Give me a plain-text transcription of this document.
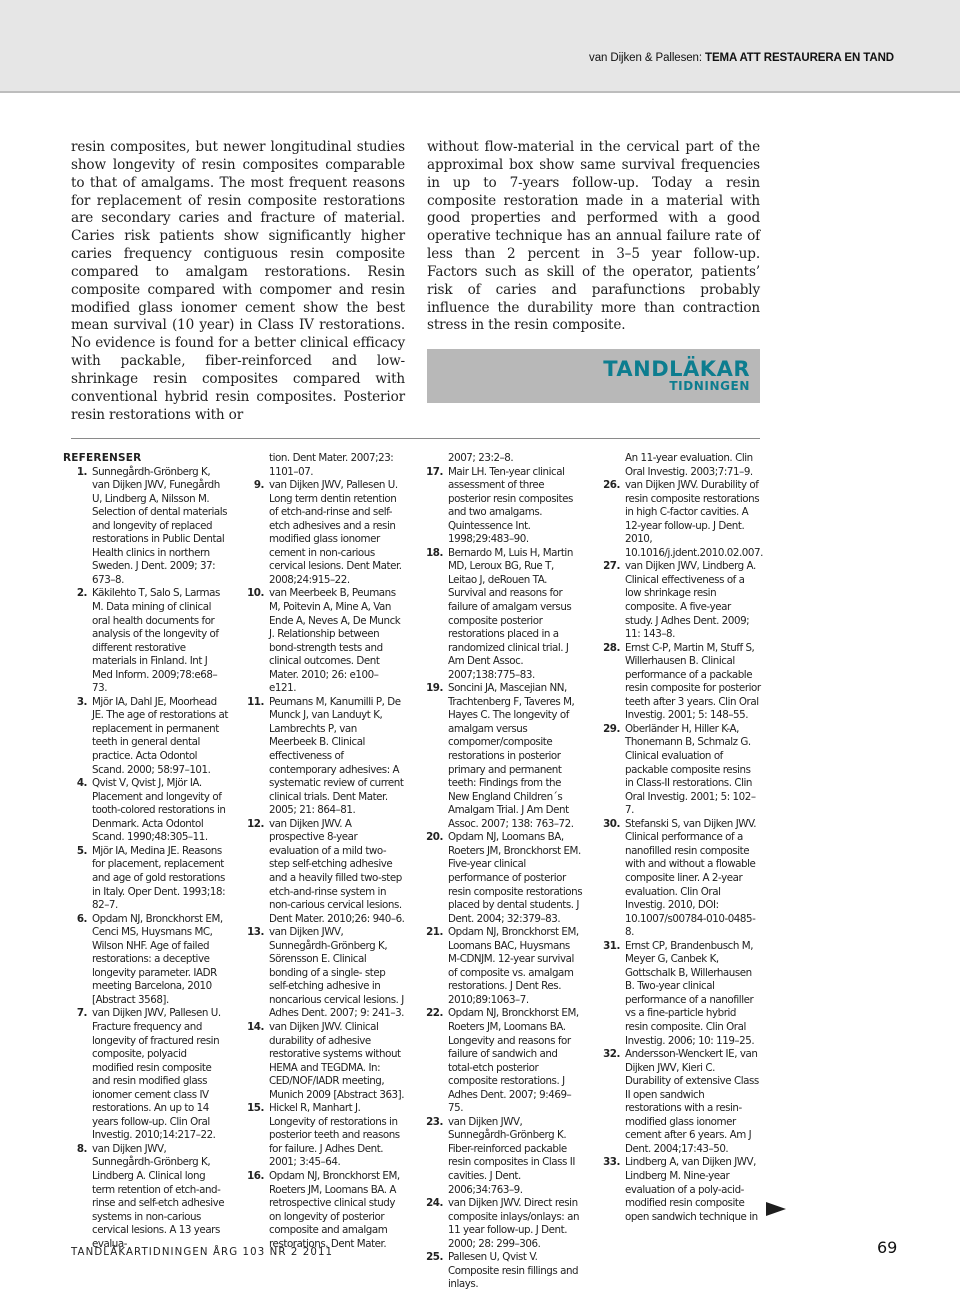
van Dijken & Pallesen: TEMA ATT RESTAURERA EN TAND

resin composites, but newer longitudinal studies show longevity of resin composites comparable to that of amalgams. The most frequent reasons for replacement of resin composite restorations are secondary caries and fracture of material. Caries risk patients show significantly higher caries frequency contiguous resin composite compared to amalgam restorations. Resin composite compared with compomer and resin modified glass ionomer cement show the best mean survival (10 year) in Class IV restorations. No evidence is found for a better clinical efficacy with packable, fiber-reinforced and low-shrinkage resin composites compared with conventional hybrid resin composites. Posterior resin restorations with or

without flow-material in the cervical part of the approximal box show same survival frequencies in up to 7-years follow-up. Today a resin composite restoration made in a material with good properties and performed with a good operative technique has an annual failure rate of less than 2 percent in 3–5 year follow-up. Factors such as skill of the operator, patients’ risk of caries and parafunctions probably influence the durability more than contraction stress in the resin composite.

TANDLÄKAR
TIDNINGEN
REFERENSER
1. Sunnegårdh-Grönberg K, van Dijken JWV, Funegårdh U, Lindberg A, Nilsson M. Selection of dental materials and longevity of replaced restorations in Public Dental Health clinics in northern Sweden. J Dent. 2009; 37: 673–8.
2. Käkilehto T, Salo S, Larmas M. Data mining of clinical oral health documents for analysis of the longevity of different restorative materials in Finland. Int J Med Inform. 2009;78:e68–73.
3. Mjör IA, Dahl JE, Moorhead JE. The age of restorations at replacement in permanent teeth in general dental practice. Acta Odontol Scand. 2000; 58:97–101.
4. Qvist V, Qvist J, Mjör IA. Placement and longevity of tooth-colored restorations in Denmark. Acta Odontol Scand. 1990;48:305–11.
5. Mjör IA, Medina JE. Reasons for placement, replacement and age of gold restorations in Italy. Oper Dent. 1993;18: 82–7.
6. Opdam NJ, Bronckhorst EM, Cenci MS, Huysmans MC, Wilson NHF. Age of failed restorations: a deceptive longevity parameter. IADR meeting Barcelona, 2010 [Abstract 3568].
7. van Dijken JWV, Pallesen U. Fracture frequency and longevity of fractured resin composite, polyacid modified resin composite and resin modified glass ionomer cement class IV restorations. An up to 14 years follow-up. Clin Oral Investig. 2010;14:217–22.
8. van Dijken JWV, Sunnegårdh-Grönberg K, Lindberg A. Clinical long term retention of etch-and-rinse and self-etch adhesive systems in non-carious cervical lesions. A 13 years evalua-
tion. Dent Mater. 2007;23: 1101–07.
9. van Dijken JWV, Pallesen U. Long term dentin retention of etch-and-rinse and self-etch adhesives and a resin modified glass ionomer cement in non-carious cervical lesions. Dent Mater. 2008;24:915–22.
10. van Meerbeek B, Peumans M, Poitevin A, Mine A, Van Ende A, Neves A, De Munck J. Relationship between bond-strength tests and clinical outcomes. Dent Mater. 2010; 26: e100–e121.
11. Peumans M, Kanumilli P, De Munck J, van Landuyt K, Lambrechts P, van Meerbeek B. Clinical effectiveness of contemporary adhesives: A systematic review of current clinical trials. Dent Mater. 2005; 21: 864–81.
12. van Dijken JWV. A prospective 8-year evaluation of a mild two-step self-etching adhesive and a heavily filled two-step etch-and-rinse system in non-carious cervical lesions. Dent Mater. 2010;26: 940–6.
13. van Dijken JWV, Sunnegårdh-Grönberg K, Sörensson E. Clinical bonding of a single- step self-etching adhesive in noncarious cervical lesions. J Adhes Dent. 2007; 9: 241–3.
14. van Dijken JWV. Clinical durability of adhesive restorative systems without HEMA and TEGDMA. In: CED/NOF/IADR meeting, Munich 2009 [Abstract 363].
15. Hickel R, Manhart J. Longevity of restorations in posterior teeth and reasons for failure. J Adhes Dent. 2001; 3:45–64.
16. Opdam NJ, Bronckhorst EM, Roeters JM, Loomans BA. A retrospective clinical study on longevity of posterior composite and amalgam restorations. Dent Mater.
2007; 23:2–8.
17. Mair LH. Ten-year clinical assessment of three posterior resin composites and two amalgams. Quintessence Int. 1998;29:483–90.
18. Bernardo M, Luis H, Martin MD, Leroux BG, Rue T, Leitao J, deRouen TA. Survival and reasons for failure of amalgam versus composite posterior restorations placed in a randomized clinical trial. J Am Dent Assoc. 2007;138:775–83.
19. Soncini JA, Mascejian NN, Trachtenberg F, Taveres M, Hayes C. The longevity of amalgam versus compomer/composite restorations in posterior primary and permanent teeth: Findings from the New England Children´s Amalgam Trial. J Am Dent Assoc. 2007; 138: 763–72.
20. Opdam NJ, Loomans BA, Roeters JM, Bronckhorst EM. Five-year clinical performance of posterior resin composite restorations placed by dental students. J Dent. 2004; 32:379–83.
21. Opdam NJ, Bronckhorst EM, Loomans BAC, Huysmans M-CDNJM. 12-year survival of composite vs. amalgam restorations. J Dent Res. 2010;89:1063–7.
22. Opdam NJ, Bronckhorst EM, Roeters JM, Loomans BA. Longevity and reasons for failure of sandwich and total-etch posterior composite restorations. J Adhes Dent. 2007; 9:469–75.
23. van Dijken JWV, Sunnegårdh-Grönberg K. Fiber-reinforced packable resin composites in Class II cavities. J Dent. 2006;34:763–9.
24. van Dijken JWV. Direct resin composite inlays/onlays: an 11 year follow-up. J Dent. 2000; 28: 299–306.
25. Pallesen U, Qvist V. Composite resin fillings and inlays.
An 11-year evaluation. Clin Oral Investig. 2003;7:71–9.
26. van Dijken JWV. Durability of resin composite restorations in high C-factor cavities. A 12-year follow-up. J Dent. 2010, 10.1016/j.jdent.2010.02.007.
27. van Dijken JWV, Lindberg A. Clinical effectiveness of a low shrinkage resin composite. A five-year study. J Adhes Dent. 2009; 11: 143–8.
28. Ernst C-P, Martin M, Stuff S, Willerhausen B. Clinical performance of a packable resin composite for posterior teeth after 3 years. Clin Oral Investig. 2001; 5: 148–55.
29. Oberländer H, Hiller K-A, Thonemann B, Schmalz G. Clinical evaluation of packable composite resins in Class-II restorations. Clin Oral Investig. 2001; 5: 102–7.
30. Stefanski S, van Dijken JWV. Clinical performance of a nanofilled resin composite with and without a flowable composite liner. A 2-year evaluation. Clin Oral Investig. 2010, DOI: 10.1007/s00784-010-0485-8.
31. Ernst CP, Brandenbusch M, Meyer G, Canbek K, Gottschalk B, Willerhausen B. Two-year clinical performance of a nanofiller vs a fine-particle hybrid resin composite. Clin Oral Investig. 2006; 10: 119–25.
32. Andersson-Wenckert IE, van Dijken JWV, Kieri C. Durability of extensive Class II open sandwich restorations with a resin-modified glass ionomer cement after 6 years. Am J Dent. 2004;17:43–50.
33. Lindberg A, van Dijken JWV, Lindberg M. Nine-year evaluation of a poly-acid-modified resin composite open sandwich technique in
TANDLÄKARTIDNINGEN ÅRG 103 NR 2 2011	69
